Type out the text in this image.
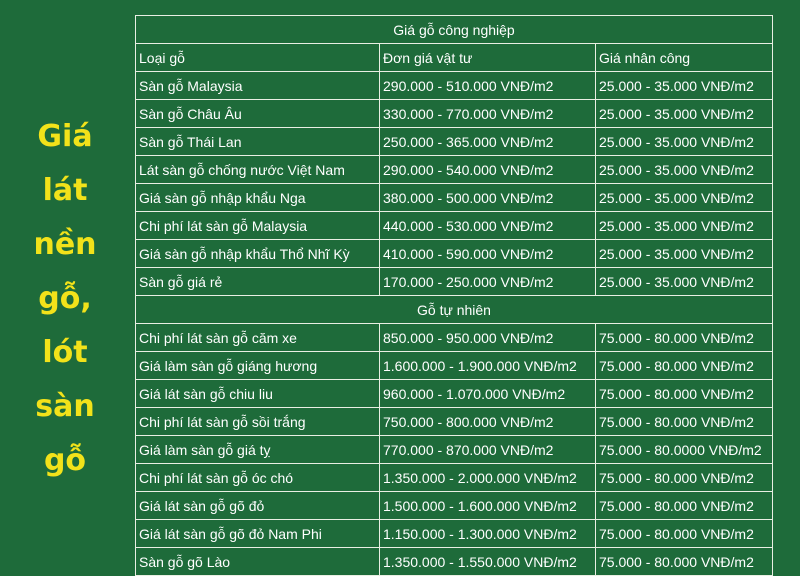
Giá
lát
nền
gỗ,
lót
sàn
gỗ
Giá gỗ công nghiệp		
Loại gỗ	Đơn giá vật tư	Giá nhân công
Sàn gỗ Malaysia	290.000 - 510.000 VNĐ/m2	25.000 - 35.000 VNĐ/m2
Sàn gỗ Châu Âu	330.000 - 770.000 VNĐ/m2	25.000 - 35.000 VNĐ/m2
Sàn gỗ Thái Lan	250.000 - 365.000 VNĐ/m2	25.000 - 35.000 VNĐ/m2
Lát sàn gỗ chống nước Việt Nam	290.000 - 540.000 VNĐ/m2	25.000 - 35.000 VNĐ/m2
Giá sàn gỗ nhập khẩu Nga	380.000 - 500.000 VNĐ/m2	25.000 - 35.000 VNĐ/m2
Chi phí lát sàn gỗ Malaysia	440.000 - 530.000 VNĐ/m2	25.000 - 35.000 VNĐ/m2
Giá sàn gỗ nhập khẩu Thổ Nhĩ Kỳ	410.000 - 590.000 VNĐ/m2	25.000 - 35.000 VNĐ/m2
Sàn gỗ giá rẻ	170.000 - 250.000 VNĐ/m2	25.000 - 35.000 VNĐ/m2
Gỗ tự nhiên		
Chi phí lát sàn gỗ căm xe	850.000 - 950.000 VNĐ/m2	75.000 - 80.000 VNĐ/m2
Giá làm sàn gỗ giáng hương	1.600.000 - 1.900.000 VNĐ/m2	75.000 - 80.000 VNĐ/m2
Giá lát sàn gỗ chiu liu	960.000 - 1.070.000 VNĐ/m2	75.000 - 80.000 VNĐ/m2
Chi phí lát sàn gỗ sồi trắng	750.000 - 800.000 VNĐ/m2	75.000 - 80.000 VNĐ/m2
Giá làm sàn gỗ giá tỵ	770.000 - 870.000 VNĐ/m2	75.000 - 80.0000 VNĐ/m2
Chi phí lát sàn gỗ óc chó	1.350.000 - 2.000.000 VNĐ/m2	75.000 - 80.000 VNĐ/m2
Giá lát sàn gỗ gõ đỏ	1.500.000 - 1.600.000 VNĐ/m2	75.000 - 80.000 VNĐ/m2
Giá lát sàn gỗ gõ đỏ Nam Phi	1.150.000 - 1.300.000 VNĐ/m2	75.000 - 80.000 VNĐ/m2
Sàn gỗ gõ Lào	1.350.000 - 1.550.000 VNĐ/m2	75.000 - 80.000 VNĐ/m2
